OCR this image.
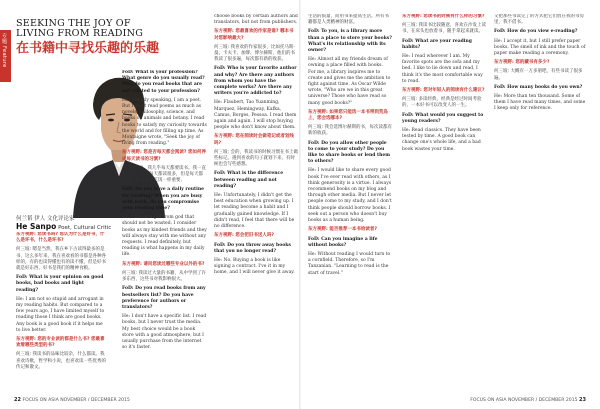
专题 Feature
SEEKING THE JOY OF LIVING FROM READING
在书籍中寻找乐趣的乐趣
何兰韬 伊人 文化评论家
He Sanpo Poet, Cultural Critic

东方视野: 您读书吗? 您认为什么是好书，什么是坏书，什么是坏书?

何三坡: 嗯是当然，我在乡下古读得最多的是书，这么多年来，我在喜欢看的书都是各种各样的，有的也读得懂也有的读不懂，但是好书就是好东西，好书是我们的精神食粮。

FoD: What is your opinion on good books, bad books and light reading?

He: I am not so stupid and arrogant in my reading habits. But compared to a few years ago, I have limited myself to reading those I think are good books. Any book is a good book if it helps me to live better.

东方视野: 您的专业读的都是什么书? 您最喜欢看哪些类型的书?

何三坡: 我读书的品味比较杂，什么都读。我喜欢诗歌，哲学和小说，也喜欢读一些优秀的传记和散文。

FoD: What is your profession? What genre do you usually read? Why do you read books that are not related to your profession?

He: Frankly speaking, I am a poet. But I don't read poems as much as novels, philosophy, science, and books on animals and botany. I read books to satisfy my curiosity towards the world and for filling up time. As Montaigne wrote, "Seek the joy of living from reading."

东方视野: 您是否每天都会阅读? 您如何养成每天读书的习惯?

何三坡: 对，我几乎每天都要读书。我一直在阅读，不是每天都读很多，但是每天都会读，读书就像吃饭一样重要。

FoD: Do you have a daily routine for reading? When you are busy with work, do you compromise your reading time?

He: Time is a gift from god that should not be wasted. I consider books as my kindest friends and they will always stay with me without any requests. I read definitely, but reading is what happens in my daily life.

东方视野: 请问您读过哪些专业以外的书?

何三坡: 我读过大量的书籍，从中学到了许多东西，这些书对我影响很大。

FoD: Do you read books from any bestsellers list? Do you have preference for authors or translators?

He: I don't have a specific list. I read books, but I never trust the media. My best choice would be a book store with a good atmosphere, but I usually purchase from the internet so it's faster.

choose books by certain authors and translators, but not from publishers.

东方视野: 您最喜欢的作家是谁? 哪本书对您影响最大?

何三坡: 我喜欢的作家很多，比如托马斯·曼、卡夫卡、加缪、博尔赫斯，他们的书我读了很多遍，每次都有新的收获。

FoD: Who is your favorite author and why? Are there any authors from whom you have the complete works? Are there any writers you're addicted to?

He: Flaubert, Tao Yuanming, Marquez, Hemingway, Kafka, Camus, Borges, Pessoa. I read them again and again. I will stop buying people who don't know about them.

东方视野: 您在阅读时会做笔记或者划线吗?

何三坡: 会的，我读书的时候习惯在书上做些标记，遇到喜欢的句子就划下来，有时候也会写些感想。

FoD: What is the difference between reading and not reading?

He: Unfortunately, I didn't get the best education when growing up. I let reading become a habit and I gradually gained knowledge. If I didn't read, I feel that there will be no difference.

东方视野: 您会把旧书送人吗?

FoD: Do you throw away books that you no longer read?

He: No. Buying a book is like signing a contract. I've it in my home, and I will never give it away.

生活的质量，而用书来提高生活。所有书籍都是人类精神的财富。

FoD: To you, is a library more than a place to store your books? What's its relationship with its owner?

He: Almost all my friends dream of owning a place filled with books. For me, a library inspires me to create and gives me the ambition to fight against time. As Oscar Wilde wrote, "Who are we in this great universe? Those who have read so many good books?"

东方视野: 如果您只能选一本书带到荒岛上，您会选哪本?

何三坡: 我会选博尔赫斯的书，每次读都有新的收获。

FoD: Do you allow other people to come to your study? Do you like to share books or lend them to others?

He: I would like to share every good book I've ever read with others, as I think generosity is a virtue. I always recommend books on my blog and through other media. But I never let people come to my study, and I don't think people should borrow books. I seek out a person who doesn't buy books as a human being.

东方视野: 能否推荐一本书给读者?

FoD: Can you imagine a life without books?

He: Without reading I would turn to a cornfield. Therefore, so I'm Tanzanian. "Learning to read is the start of travel."

东方视野: 您读书的时候有什么样的习惯?

何三坡: 我读书比较随意，喜欢在沙发上读书，在床头也放着书，随手拿起来就读。

FoD: What are your reading habits?

He: I read wherever I am. My favorite spots are the sofa and my bed. I like to lie down and read, I think it's the most comfortable way to read.

东方视野: 您对年轻人的阅读有什么建议?

何三坡: 多读经典，经典是经过时间考验的，一本好书可以改变人的一生。

FoD: What would you suggest to young readers?

He: Read classics. They have been tested by time. A good book can change one's whole life, and a bad book wastes your time.

又把那些书读完了的方式把它们放在我的书房里，我不借书。

FoD: How do you view e-reading?

He: I accept it, but I still prefer paper books. The smell of ink and the touch of paper make reading a ceremony.

东方视野: 您的藏书有多少?

何三坡: 大概有一万多册吧，有些书读了很多遍。

FoD: How many books do you own?

He: More than ten thousand. Some of them I have read many times, and some I keep only for reference.

22 FOCUS ON ASIA NOVEMBER / DECEMBER 2015	FOCUS ON ASIA NOVEMBER / DECEMBER 2015 23
